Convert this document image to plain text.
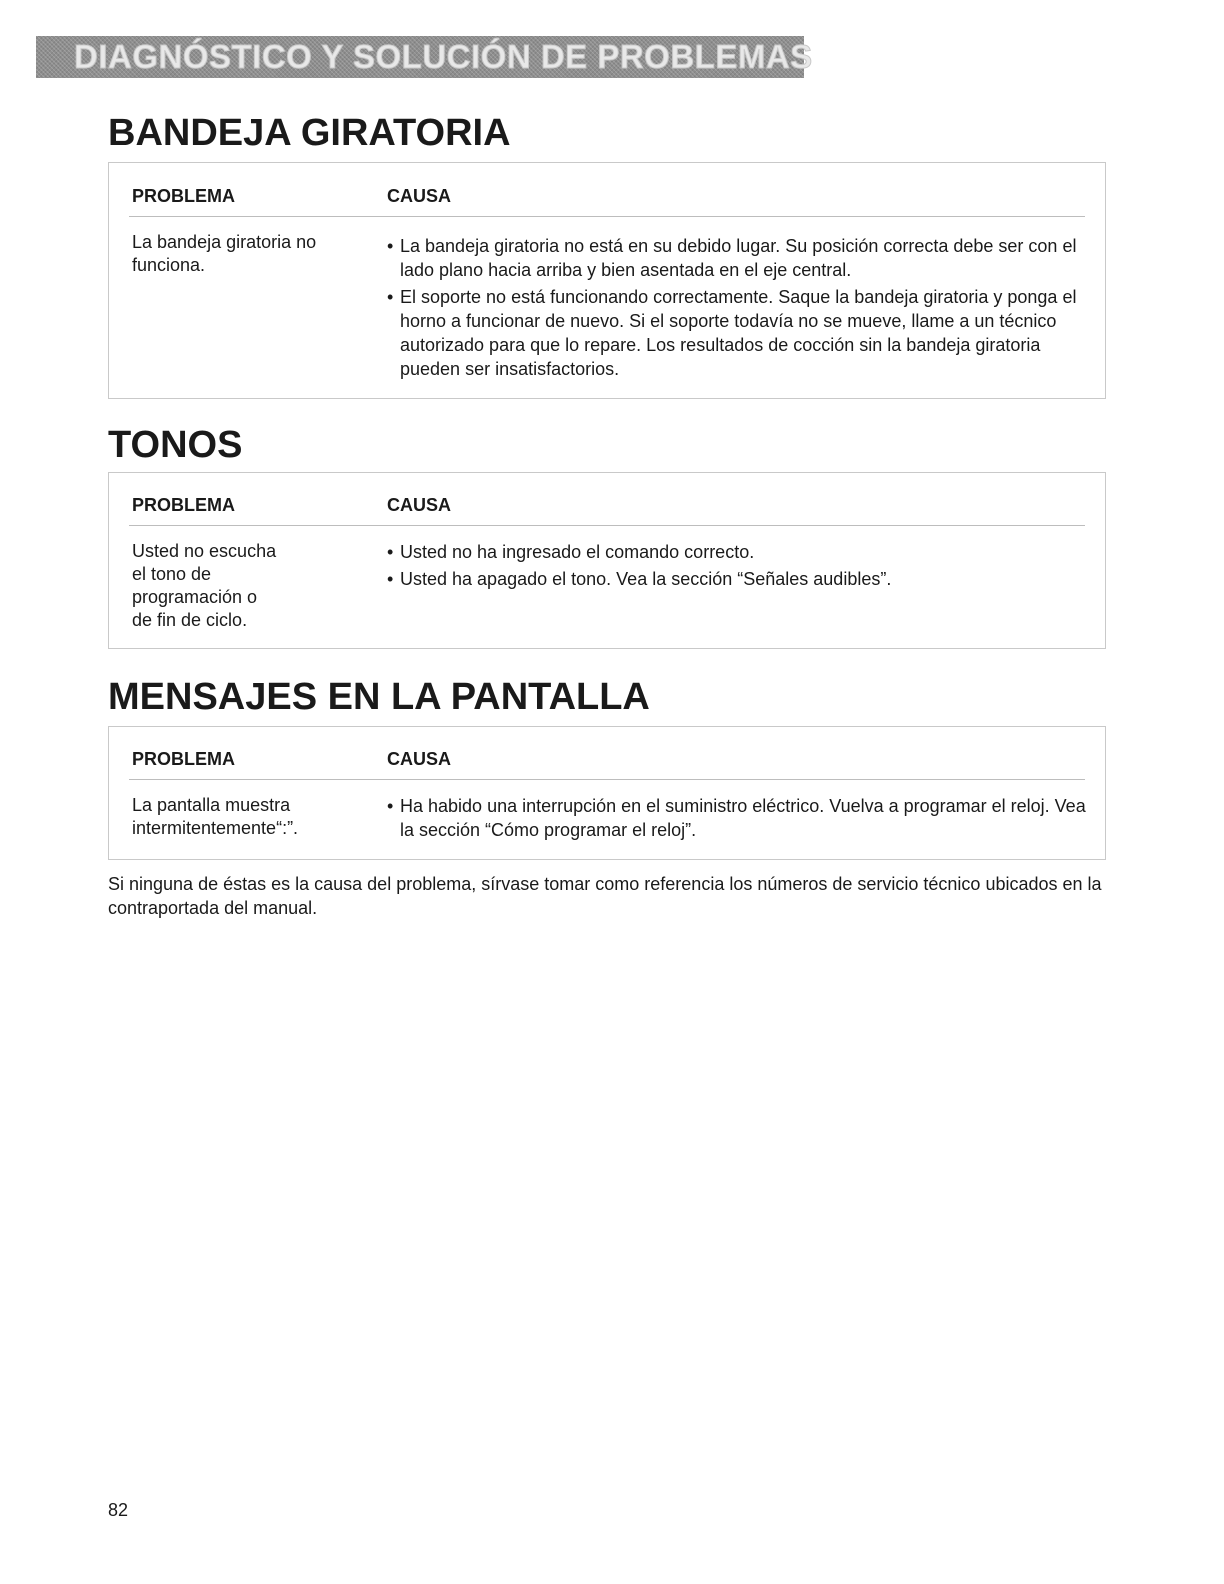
DIAGNÓSTICO Y SOLUCIÓN DE PROBLEMAS
BANDEJA GIRATORIA
PROBLEMA	CAUSA
La bandeja giratoria no
funciona.
• La bandeja giratoria no está en su debido lugar. Su posición correcta debe ser con el lado plano hacia arriba y bien asentada en el eje central.
• El soporte no está funcionando correctamente. Saque la bandeja giratoria y ponga el horno a funcionar de nuevo. Si el soporte todavía no se mueve, llame a un técnico autorizado para que lo repare. Los resultados de cocción sin la bandeja giratoria pueden ser insatisfactorios.
TONOS
PROBLEMA	CAUSA
Usted no escucha
el tono de
programación o
de fin de ciclo.
• Usted no ha ingresado el comando correcto.
• Usted ha apagado el tono. Vea la sección “Señales audibles”.
MENSAJES EN LA PANTALLA
PROBLEMA	CAUSA
La pantalla muestra
intermitentemente“:”.
• Ha habido una interrupción en el suministro eléctrico. Vuelva a programar el reloj. Vea la sección “Cómo programar el reloj”.

Si ninguna de éstas es la causa del problema, sírvase tomar como referencia los números de servicio técnico ubicados en la contraportada del manual.

82
